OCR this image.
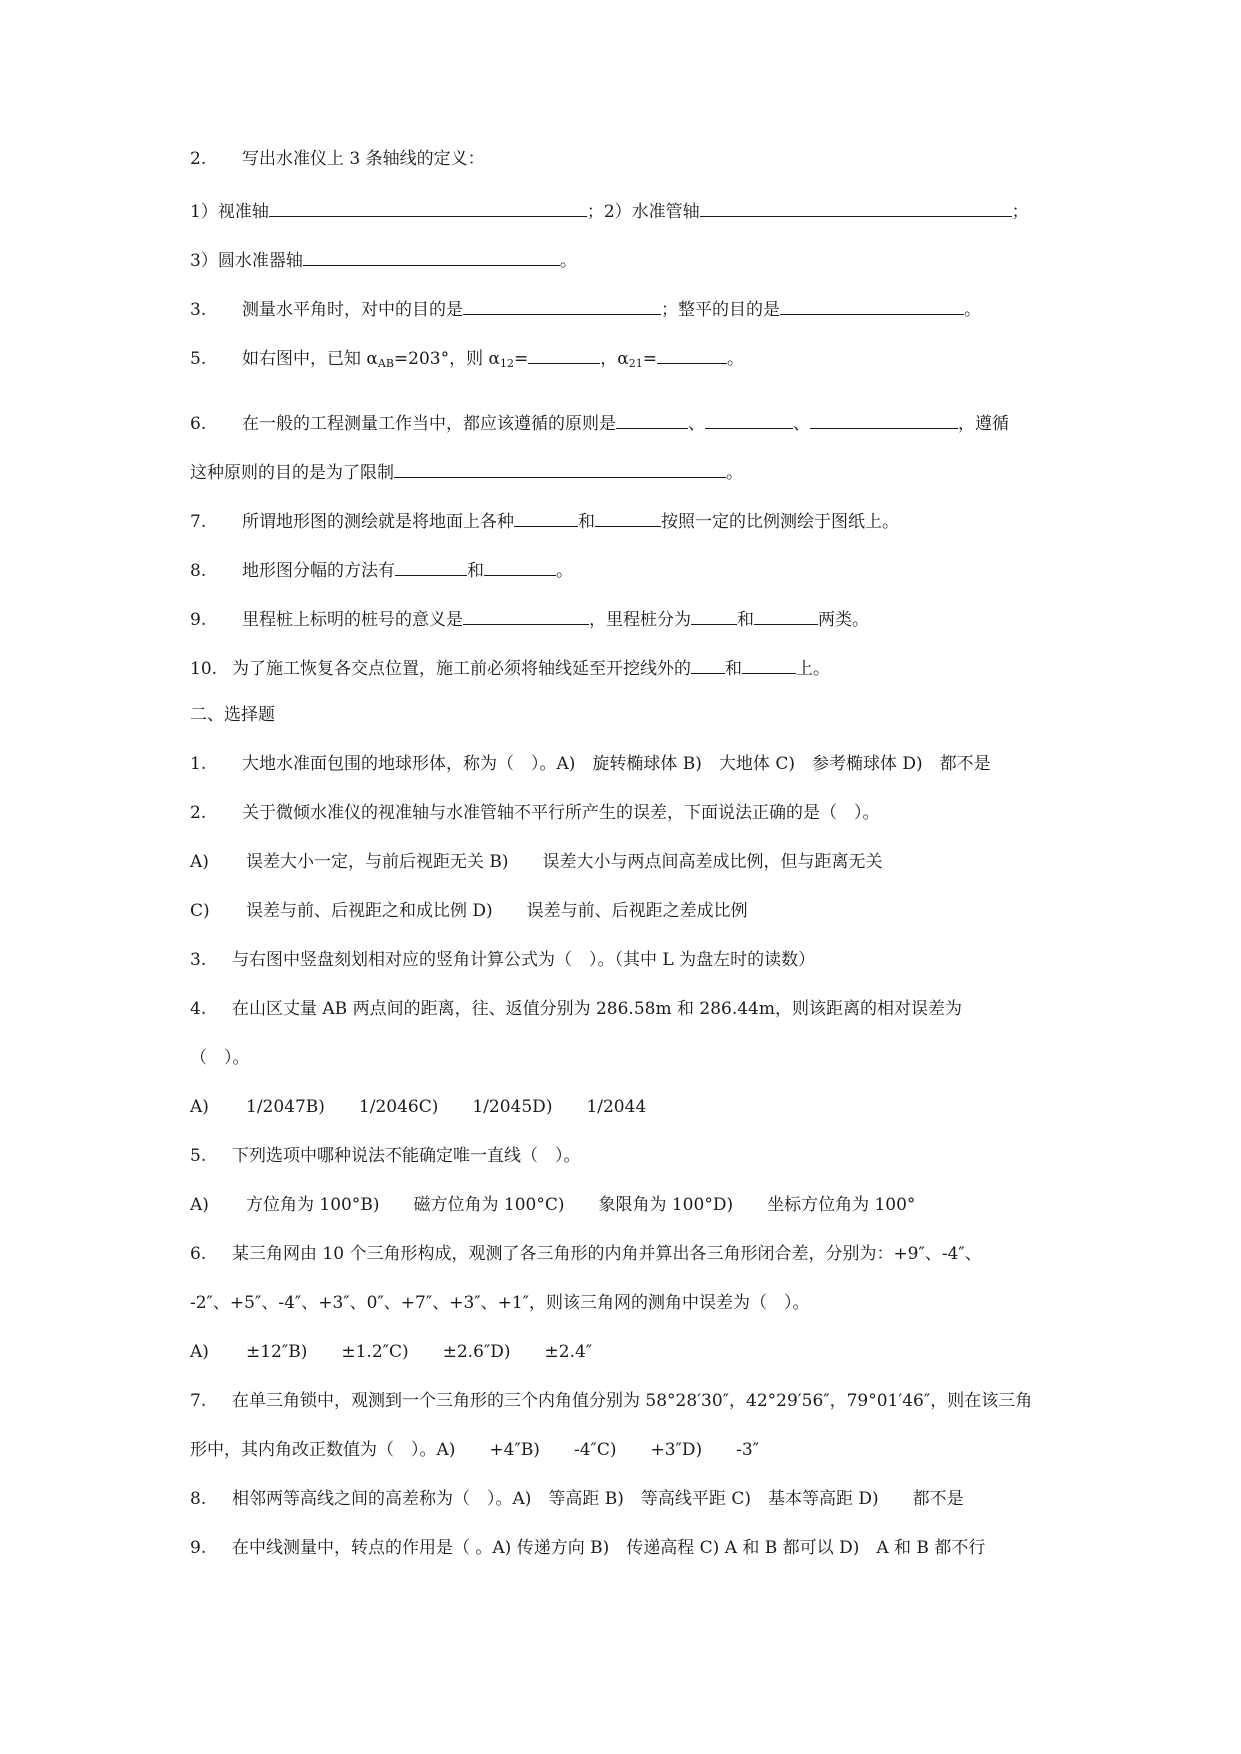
2. 写出水准仪上 3 条轴线的定义：
1）视准轴	；2）水准管轴	；
3）圆水准器轴	。
3. 测量水平角时，对中的目的是	；整平的目的是	。
5. 如右图中，已知 $\alpha_{AB}=203^\circ$，则 $\alpha_{12}=$	，$\alpha_{21}=$	。
6. 在一般的工程测量工作当中，都应该遵循的原则是	、	、	，遵循
这种原则的目的是为了限制	。
7. 所谓地形图的测绘就是将地面上各种	和	按照一定的比例测绘于图纸上。
8. 地形图分幅的方法有	和	。
9. 里程桩上标明的桩号的意义是	，里程桩分为	和	两类。
10. 为了施工恢复各交点位置，施工前必须将轴线延至开挖线外的 和	上。
二、选择题
1. 大地水准面包围的地球形体，称为（　）。A)　旋转椭球体 B)　大地体 C)　参考椭球体 D)　都不是
2. 关于微倾水准仪的视准轴与水准管轴不平行所产生的误差，下面说法正确的是（　）。
A) 误差大小一定，与前后视距无关 B)　　误差大小与两点间高差成比例，但与距离无关
C) 误差与前、后视距之和成比例 D)　　误差与前、后视距之差成比例
3. 与右图中竖盘刻划相对应的竖角计算公式为（　）。（其中 L 为盘左时的读数）
4. 在山区丈量 AB 两点间的距离，往、返值分别为 286.58m 和 286.44m，则该距离的相对误差为
（　）。
A) 1/2047B)　　1/2046C)　　1/2045D)　　1/2044
5. 下列选项中哪种说法不能确定唯一直线（　）。
A) 方位角为 100°B)　　磁方位角为 100°C)　　象限角为 100°D)　　坐标方位角为 100°
6. 某三角网由 10 个三角形构成，观测了各三角形的内角并算出各三角形闭合差，分别为：+9″、-4″、
-2″、+5″、-4″、+3″、0″、+7″、+3″、+1″，则该三角网的测角中误差为（　）。
A) ±12″B)　　±1.2″C)　　±2.6″D)　　±2.4″
7. 在单三角锁中，观测到一个三角形的三个内角值分别为 58°28′30″，42°29′56″，79°01′46″，则在该三角
形中，其内角改正数值为（　）。A)　　+4″B)　　-4″C)　　+3″D)　　-3″
8. 相邻两等高线之间的高差称为（　）。A)　等高距 B)　等高线平距 C)　基本等高距 D)　　都不是
9. 在中线测量中，转点的作用是（ 。A) 传递方向 B)　传递高程 C) A 和 B 都可以 D)　A 和 B 都不行
